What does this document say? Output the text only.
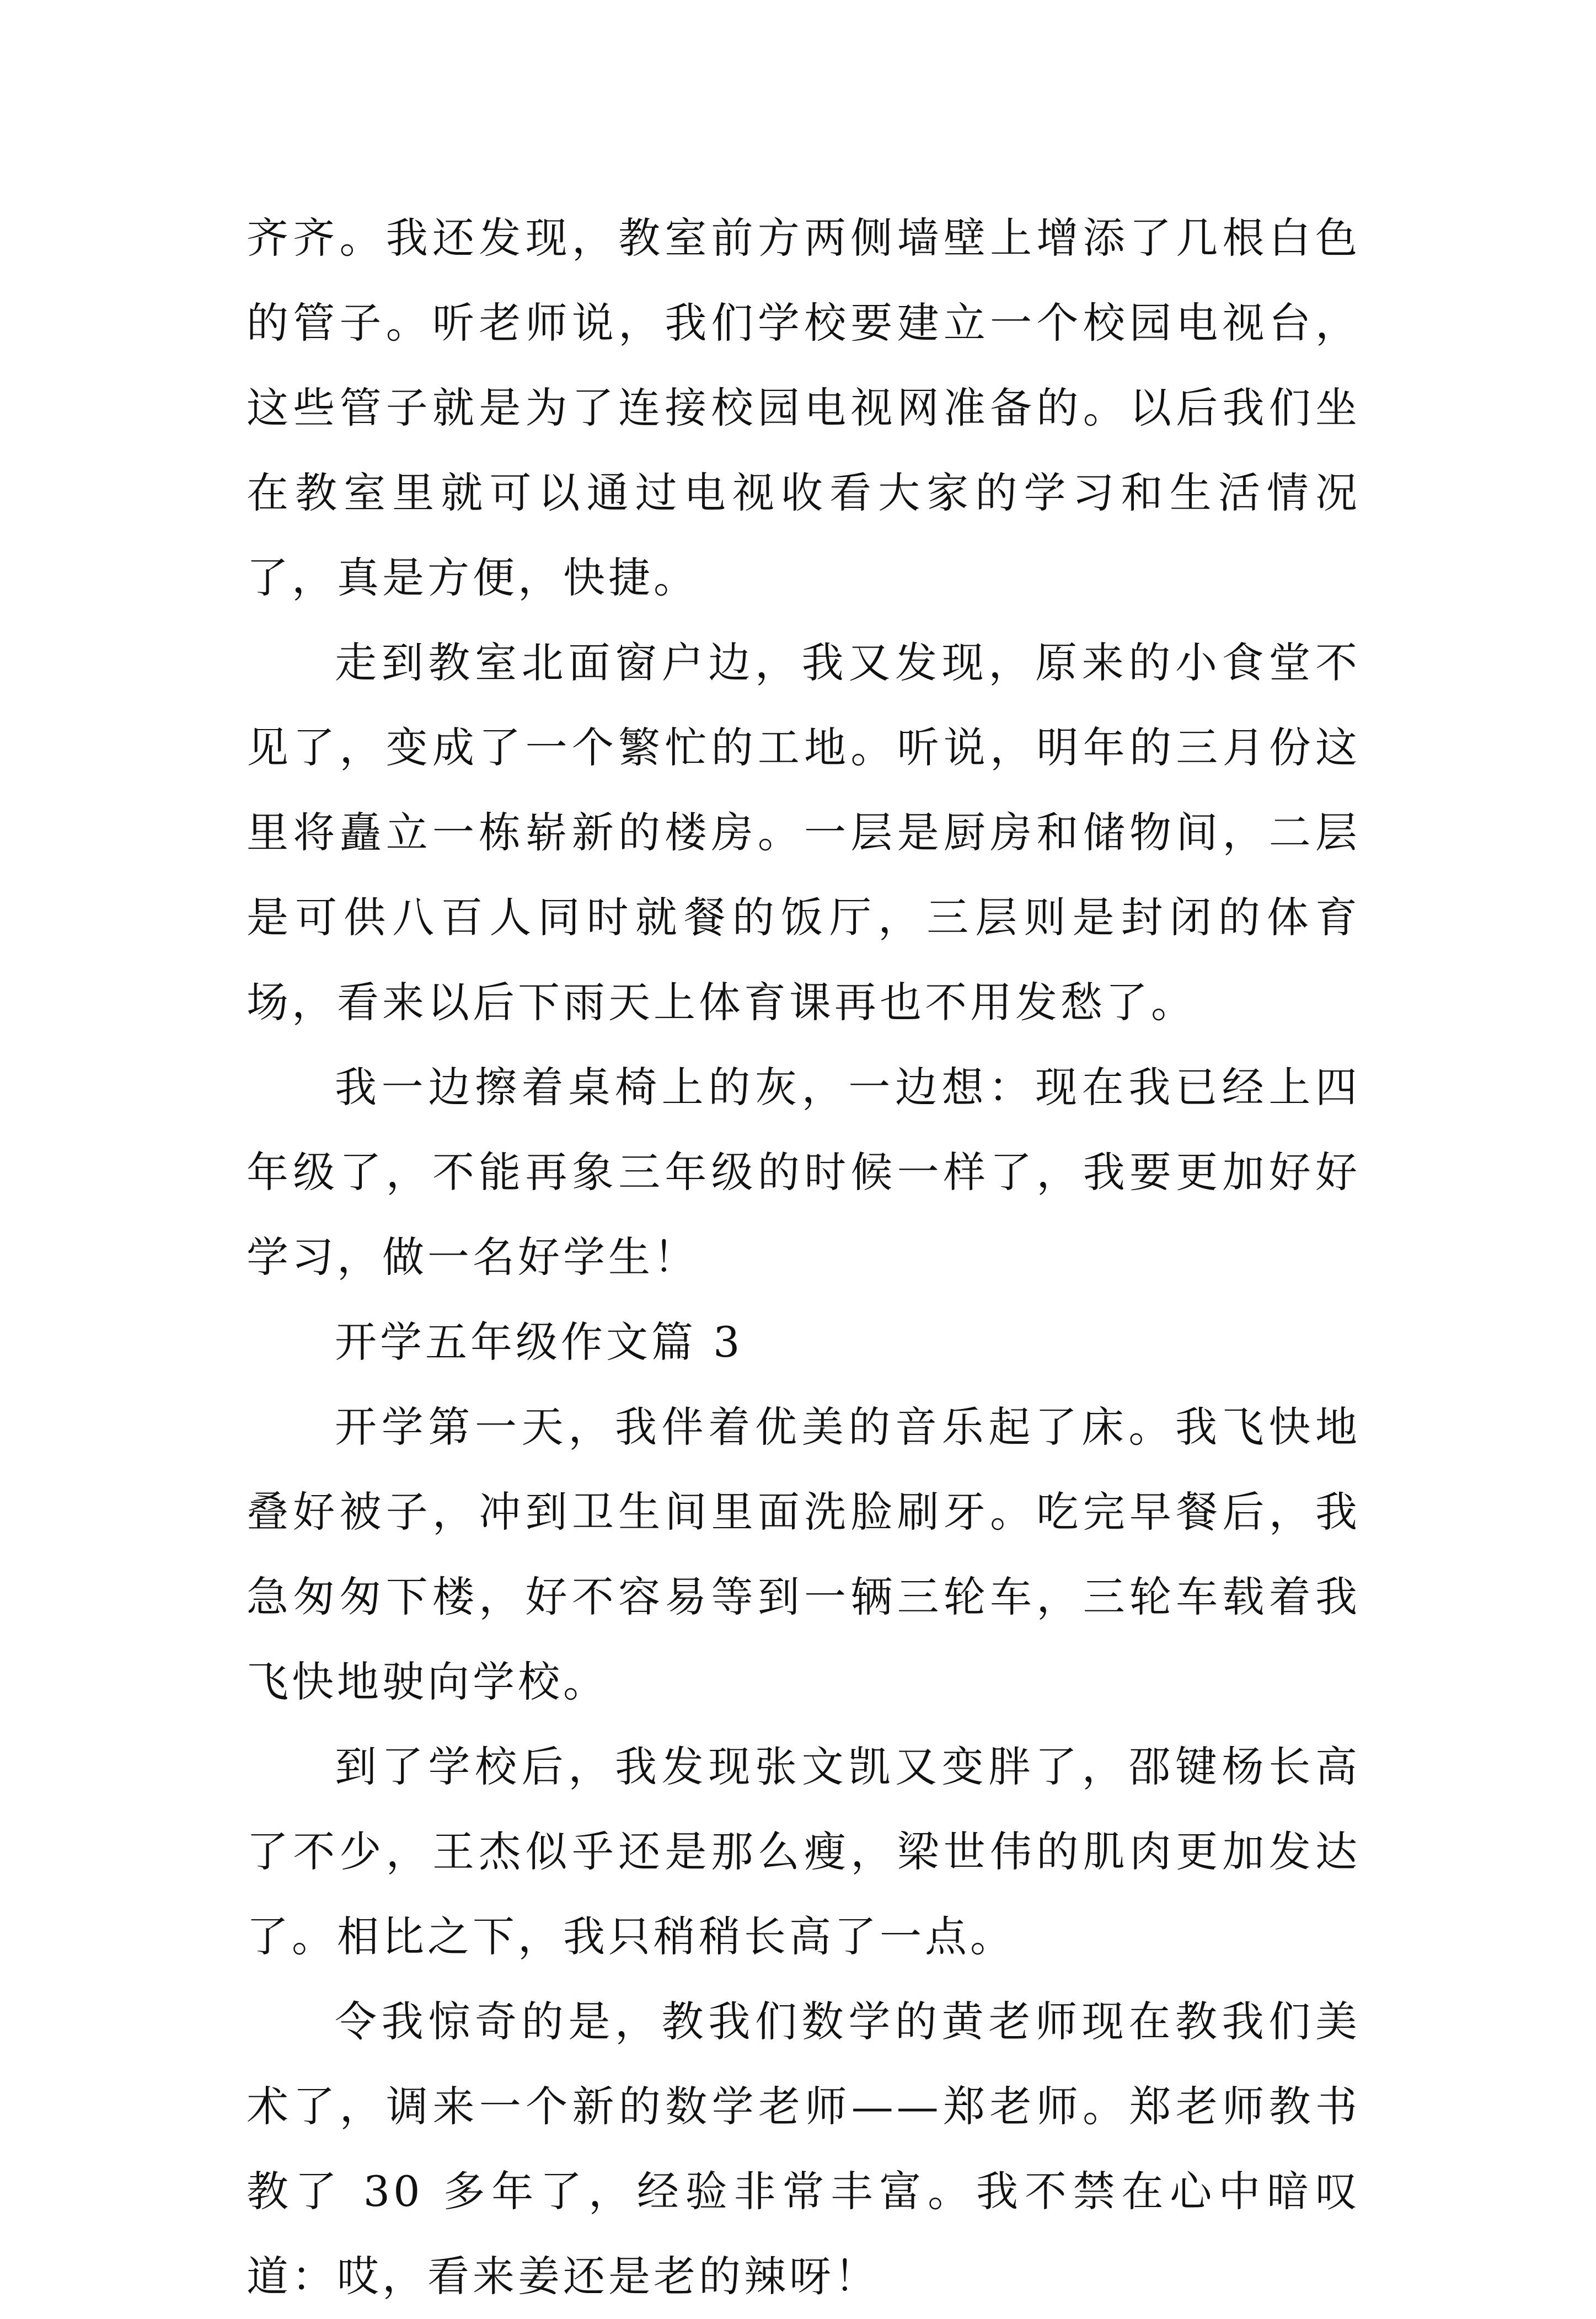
齐齐。我还发现，教室前方两侧墙壁上增添了几根白色的管子。听老师说，我们学校要建立一个校园电视台，这些管子就是为了连接校园电视网准备的。以后我们坐在教室里就可以通过电视收看大家的学习和生活情况了，真是方便，快捷。

走到教室北面窗户边，我又发现，原来的小食堂不见了，变成了一个繁忙的工地。听说，明年的三月份这里将矗立一栋崭新的楼房。一层是厨房和储物间，二层是可供八百人同时就餐的饭厅，三层则是封闭的体育场，看来以后下雨天上体育课再也不用发愁了。

我一边擦着桌椅上的灰，一边想：现在我已经上四年级了，不能再象三年级的时候一样了，我要更加好好学习，做一名好学生！

开学五年级作文篇 3

开学第一天，我伴着优美的音乐起了床。我飞快地叠好被子，冲到卫生间里面洗脸刷牙。吃完早餐后，我急匆匆下楼，好不容易等到一辆三轮车，三轮车载着我飞快地驶向学校。

到了学校后，我发现张文凯又变胖了，邵键杨长高了不少，王杰似乎还是那么瘦，梁世伟的肌肉更加发达了。相比之下，我只稍稍长高了一点。

令我惊奇的是，教我们数学的黄老师现在教我们美术了，调来一个新的数学老师——郑老师。郑老师教书教了 30 多年了，经验非常丰富。我不禁在心中暗叹道：哎，看来姜还是老的辣呀！
